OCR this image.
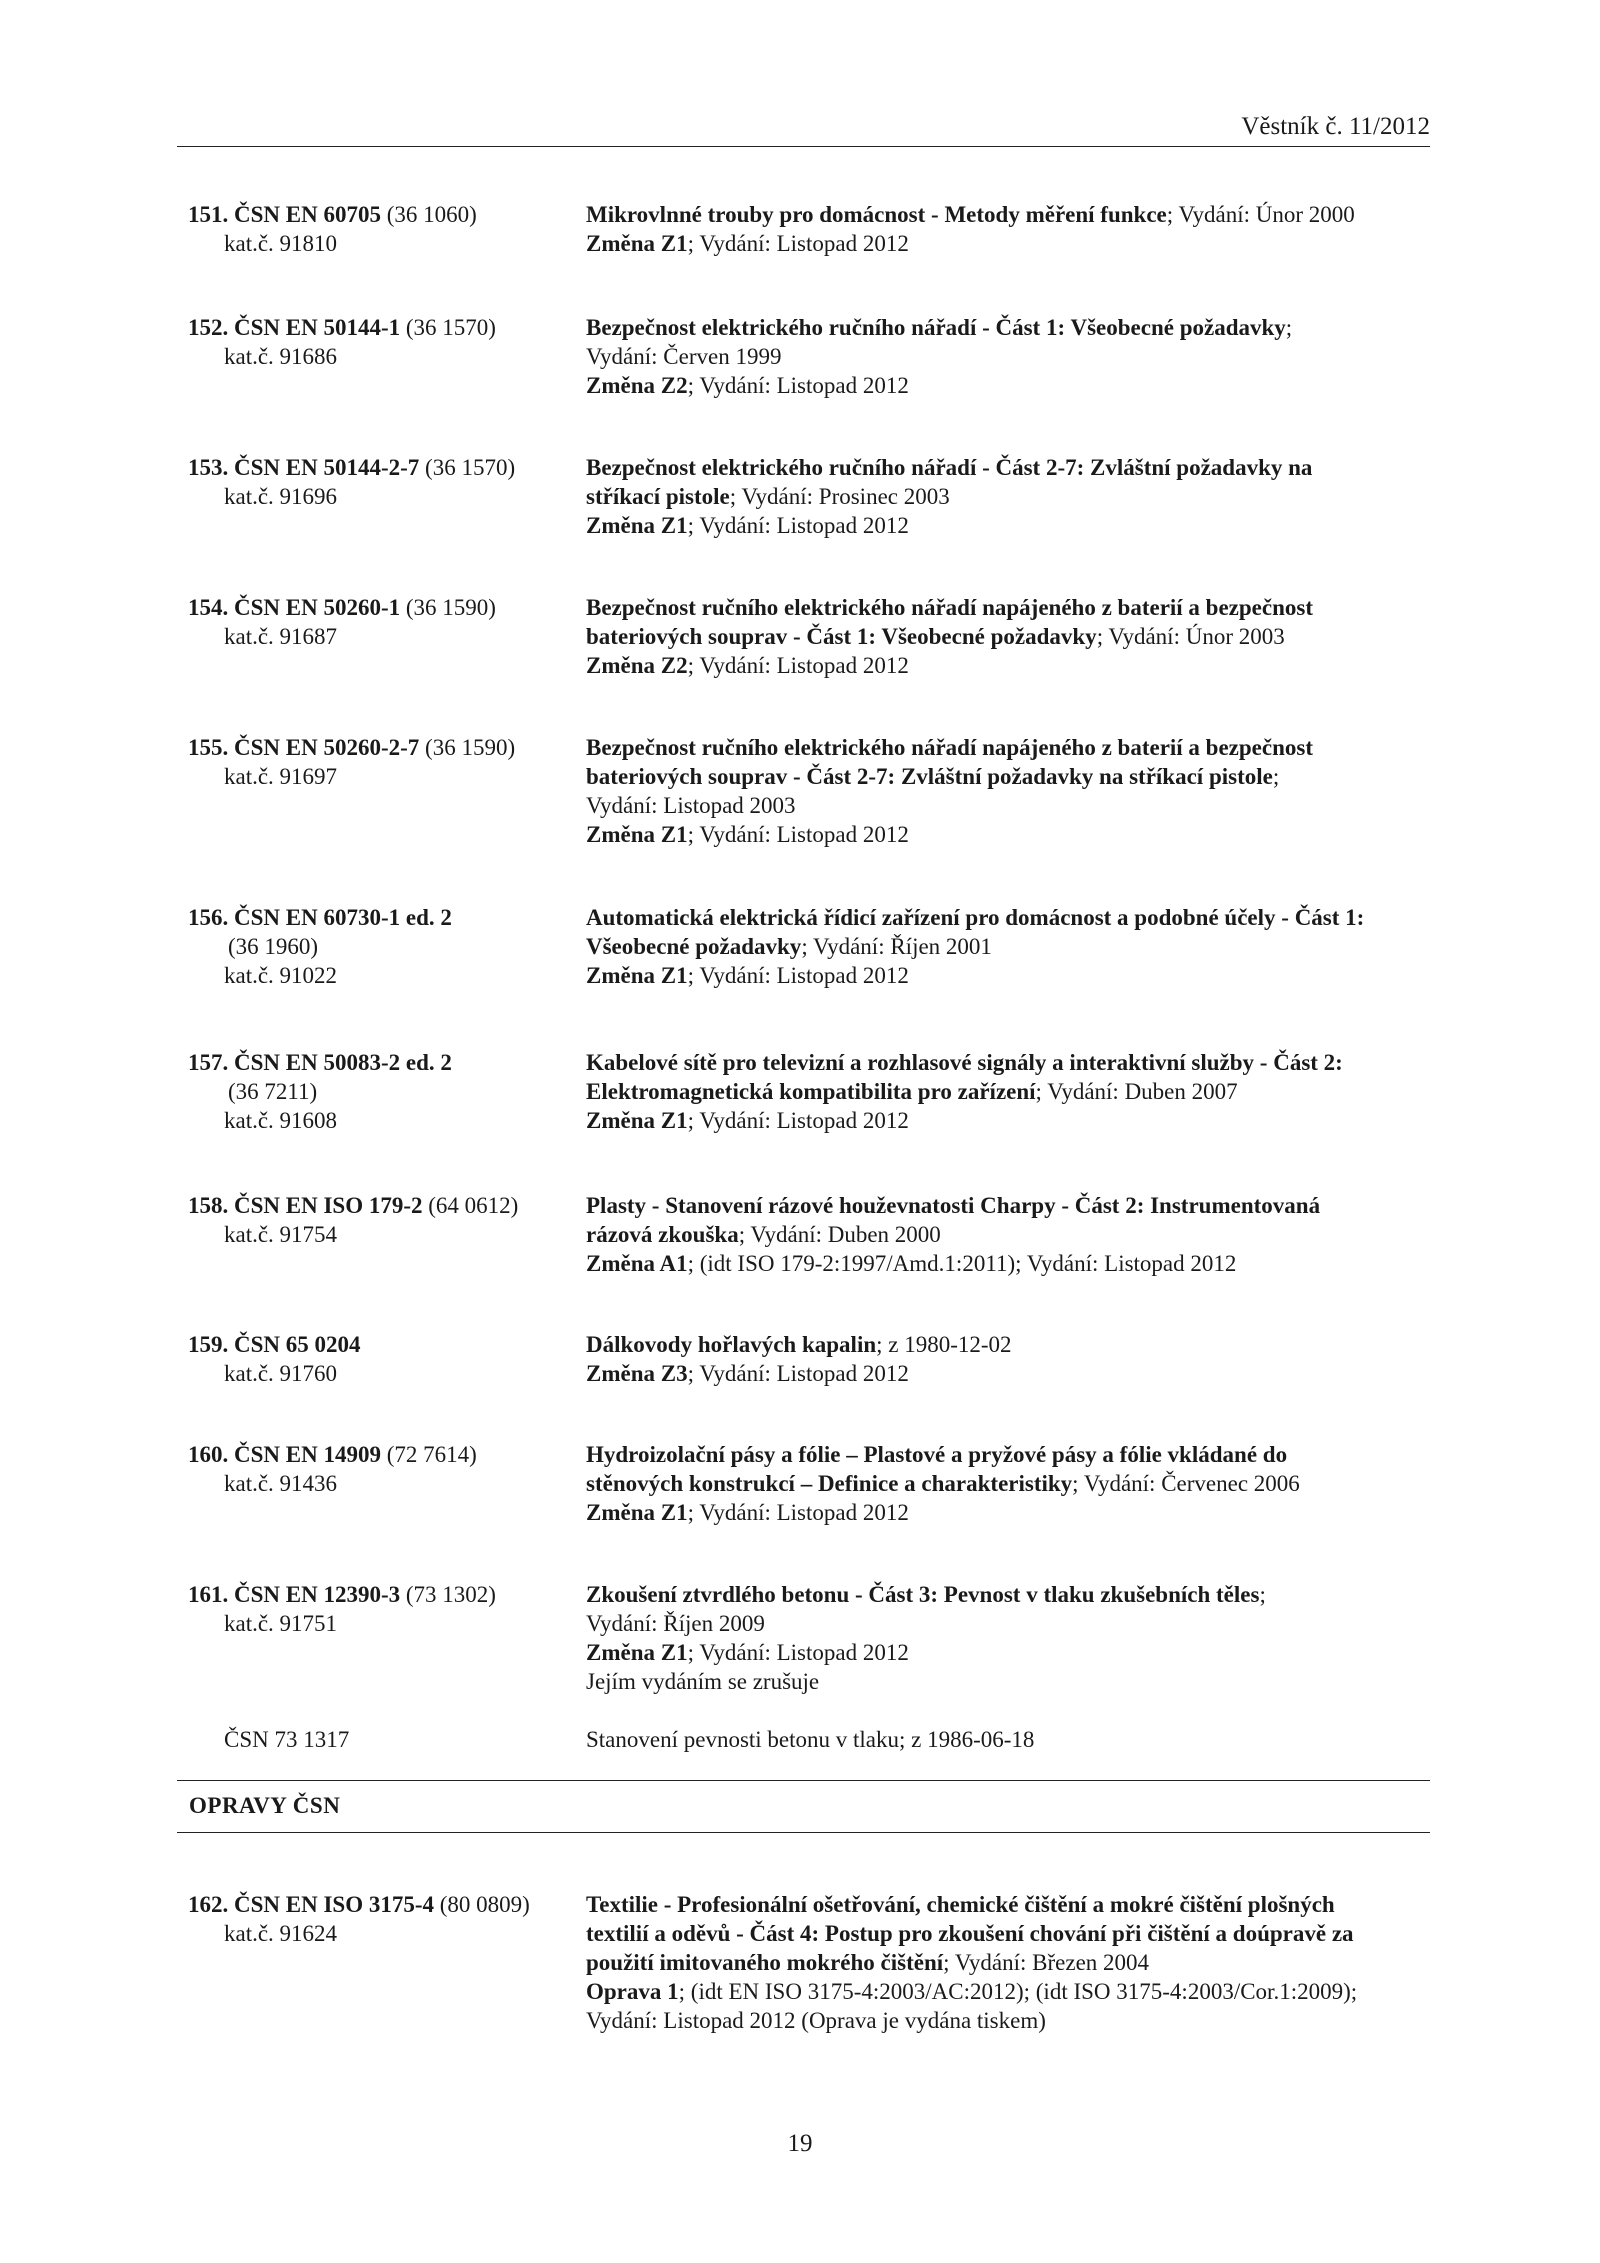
Věstník č. 11/2012
151. ČSN EN 60705 (36 1060)
kat.č. 91810
Mikrovlnné trouby pro domácnost - Metody měření funkce; Vydání: Únor 2000
Změna Z1; Vydání: Listopad 2012
152. ČSN EN 50144-1 (36 1570)
kat.č. 91686
Bezpečnost elektrického ručního nářadí - Část 1: Všeobecné požadavky;
Vydání: Červen 1999
Změna Z2; Vydání: Listopad 2012
153. ČSN EN 50144-2-7 (36 1570)
kat.č. 91696
Bezpečnost elektrického ručního nářadí - Část 2-7: Zvláštní požadavky na
stříkací pistole; Vydání: Prosinec 2003
Změna Z1; Vydání: Listopad 2012
154. ČSN EN 50260-1 (36 1590)
kat.č. 91687
Bezpečnost ručního elektrického nářadí napájeného z baterií a bezpečnost
bateriových souprav - Část 1: Všeobecné požadavky; Vydání: Únor 2003
Změna Z2; Vydání: Listopad 2012
155. ČSN EN 50260-2-7 (36 1590)
kat.č. 91697
Bezpečnost ručního elektrického nářadí napájeného z baterií a bezpečnost
bateriových souprav - Část 2-7: Zvláštní požadavky na stříkací pistole;
Vydání: Listopad 2003
Změna Z1; Vydání: Listopad 2012
156. ČSN EN 60730-1 ed. 2
(36 1960)
kat.č. 91022
Automatická elektrická řídicí zařízení pro domácnost a podobné účely - Část 1:
Všeobecné požadavky; Vydání: Říjen 2001
Změna Z1; Vydání: Listopad 2012
157. ČSN EN 50083-2 ed. 2
(36 7211)
kat.č. 91608
Kabelové sítě pro televizní a rozhlasové signály a interaktivní služby - Část 2:
Elektromagnetická kompatibilita pro zařízení; Vydání: Duben 2007
Změna Z1; Vydání: Listopad 2012
158. ČSN EN ISO 179-2 (64 0612)
kat.č. 91754
Plasty - Stanovení rázové houževnatosti Charpy - Část 2: Instrumentovaná
rázová zkouška; Vydání: Duben 2000
Změna A1; (idt ISO 179-2:1997/Amd.1:2011); Vydání: Listopad 2012
159. ČSN 65 0204
kat.č. 91760
Dálkovody hořlavých kapalin; z 1980-12-02
Změna Z3; Vydání: Listopad 2012
160. ČSN EN 14909 (72 7614)
kat.č. 91436
Hydroizolační pásy a fólie – Plastové a pryžové pásy a fólie vkládané do
stěnových konstrukcí – Definice a charakteristiky; Vydání: Červenec 2006
Změna Z1; Vydání: Listopad 2012
161. ČSN EN 12390-3 (73 1302)
kat.č. 91751
ČSN 73 1317
Zkoušení ztvrdlého betonu - Část 3: Pevnost v tlaku zkušebních těles;
Vydání: Říjen 2009
Změna Z1; Vydání: Listopad 2012
Jejím vydáním se zrušuje
Stanovení pevnosti betonu v tlaku; z 1986-06-18
OPRAVY ČSN
162. ČSN EN ISO 3175-4 (80 0809)
kat.č. 91624
Textilie - Profesionální ošetřování, chemické čištění a mokré čištění plošných
textilií a oděvů - Část 4: Postup pro zkoušení chování při čištění a doúpravě za
použití imitovaného mokrého čištění; Vydání: Březen 2004
Oprava 1; (idt EN ISO 3175-4:2003/AC:2012); (idt ISO 3175-4:2003/Cor.1:2009);
Vydání: Listopad 2012 (Oprava je vydána tiskem)
19
